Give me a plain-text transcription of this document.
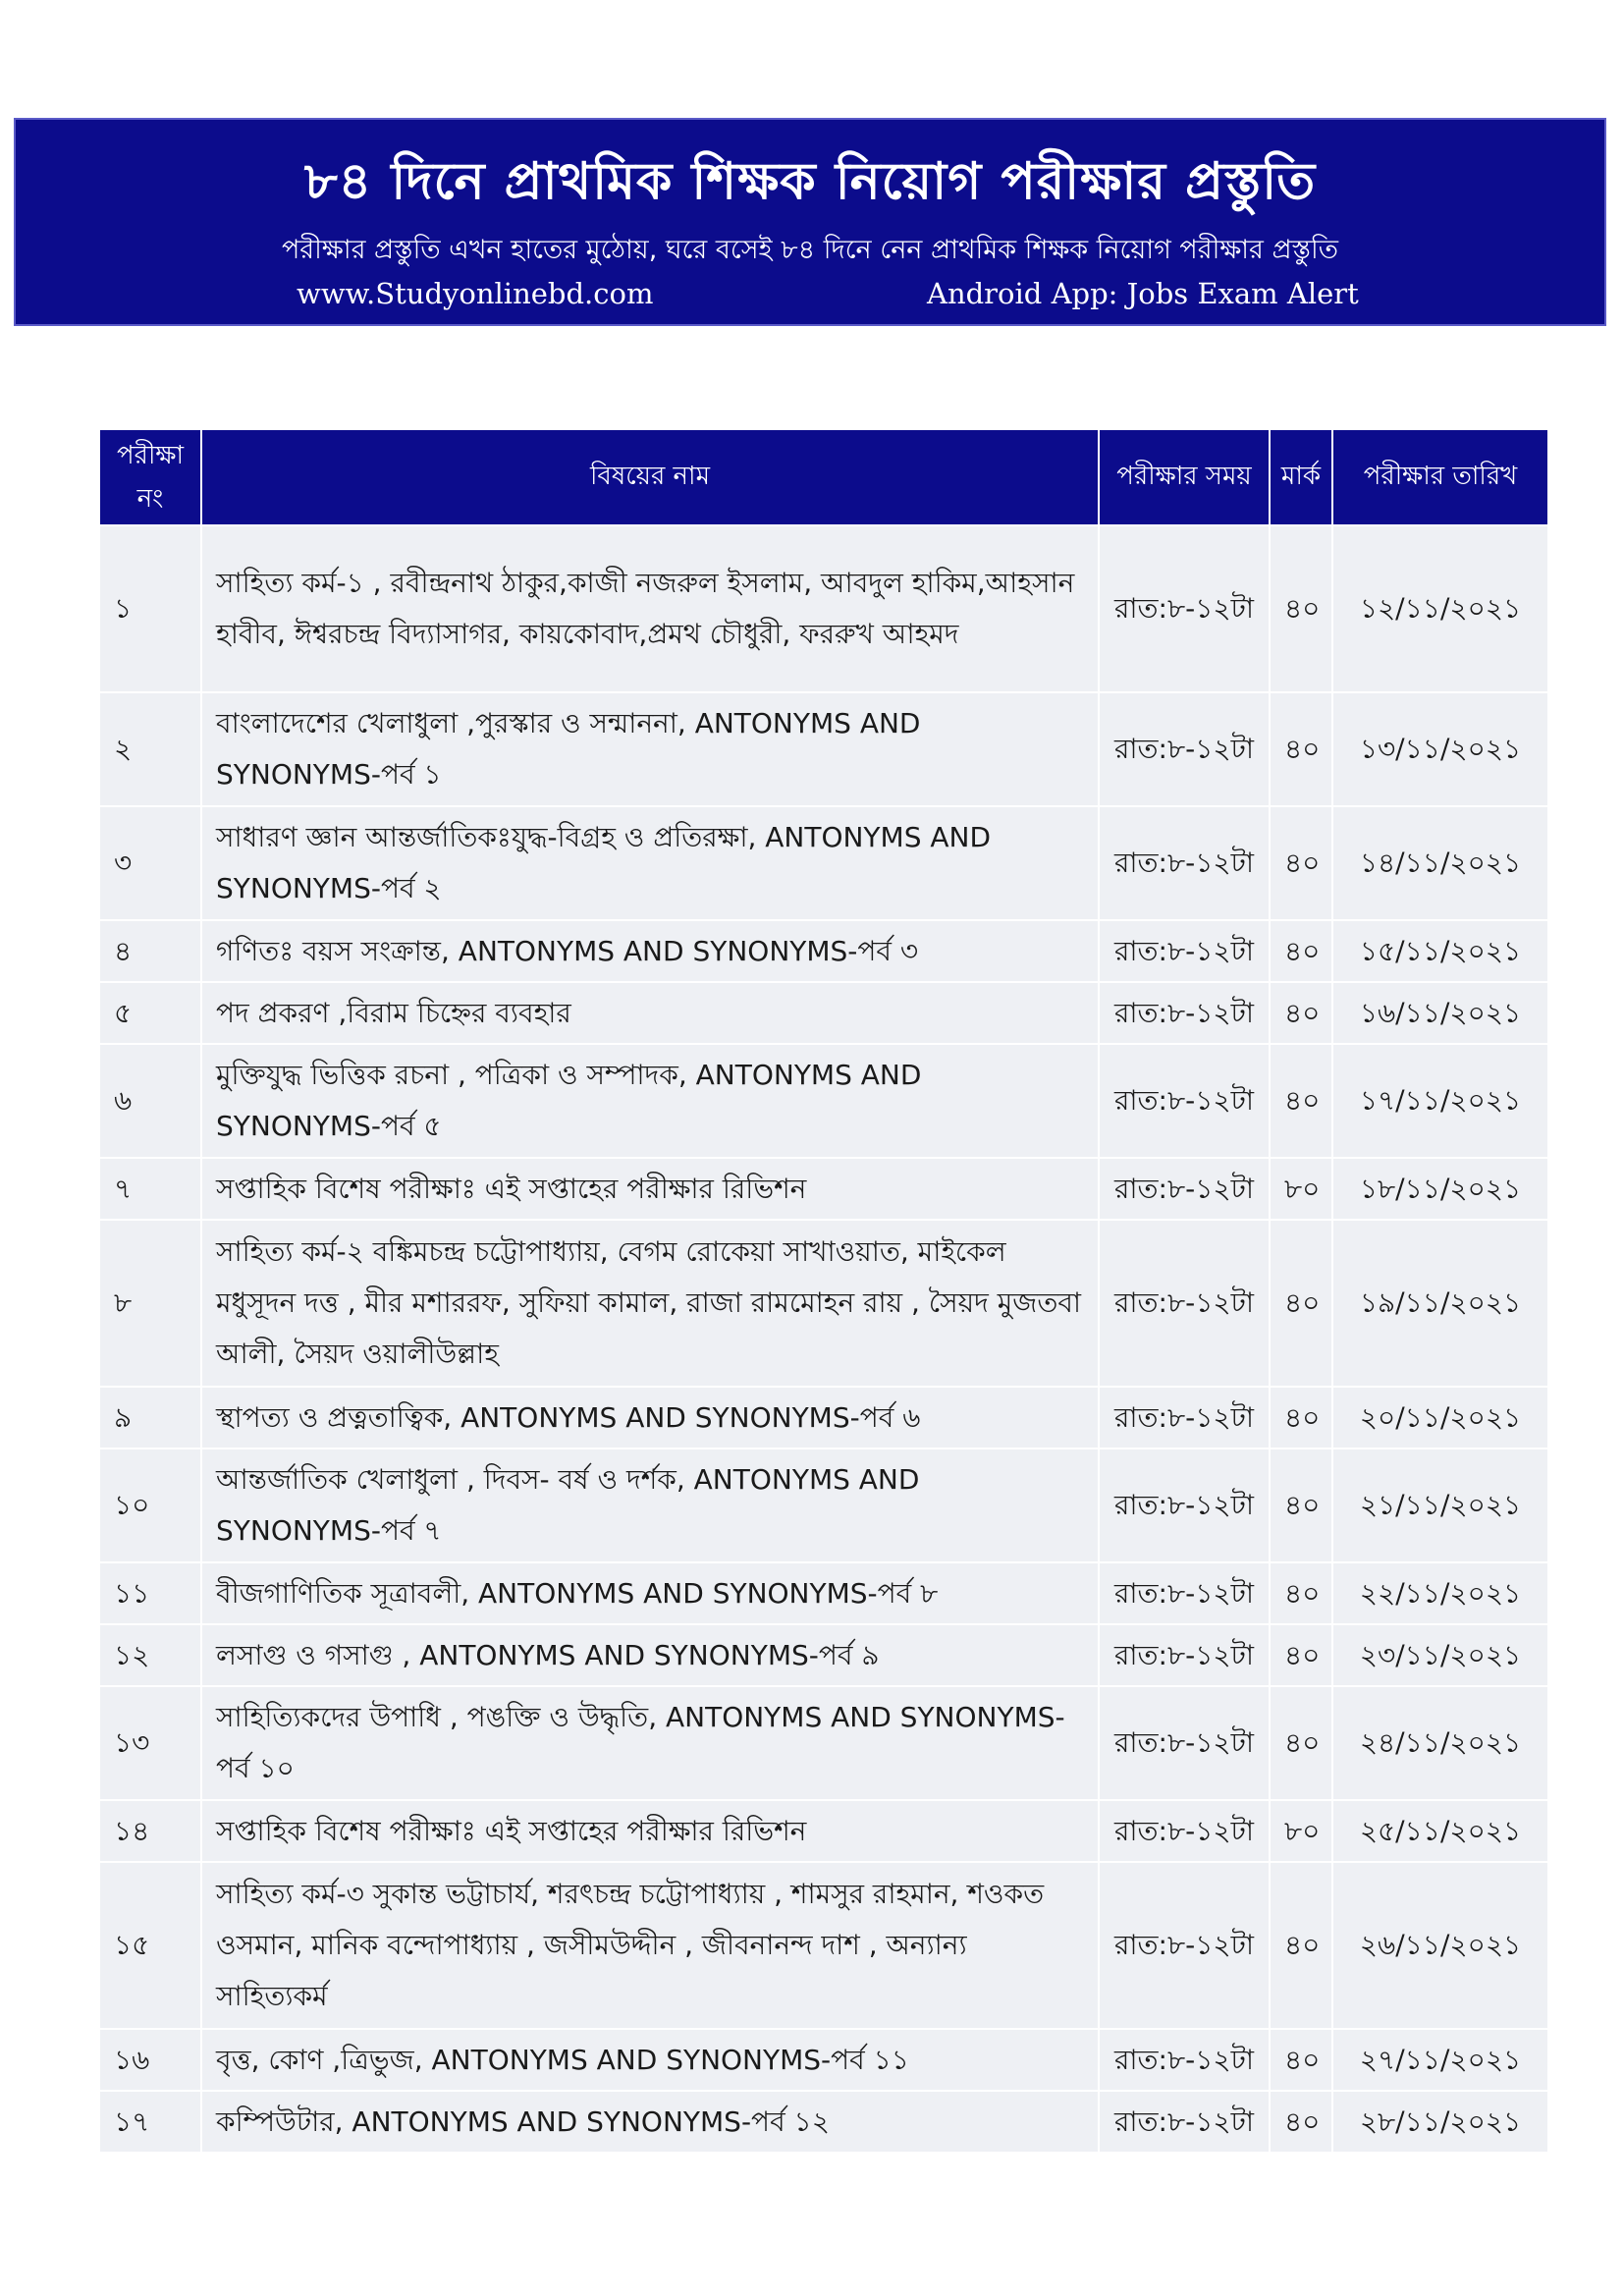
৮৪ দিনে প্রাথমিক শিক্ষক নিয়োগ পরীক্ষার প্রস্তুতি
পরীক্ষার প্রস্তুতি এখন হাতের মুঠোয়, ঘরে বসেই ৮৪ দিনে নেন প্রাথমিক শিক্ষক নিয়োগ পরীক্ষার প্রস্তুতি
www.Studyonlinebd.com	Android App: Jobs Exam Alert
পরীক্ষা নং	বিষয়ের নাম	পরীক্ষার সময়	মার্ক	পরীক্ষার তারিখ
১	সাহিত্য কর্ম-১ , রবীন্দ্রনাথ ঠাকুর,কাজী নজরুল ইসলাম, আবদুল হাকিম,আহসান হাবীব, ঈশ্বরচন্দ্র বিদ্যাসাগর, কায়কোবাদ,প্রমথ চৌধুরী, ফররুখ আহমদ	রাত:৮-১২টা	৪০	১২/১১/২০২১
২	বাংলাদেশের খেলাধুলা ,পুরস্কার ও সন্মাননা, ANTONYMS AND SYNONYMS-পর্ব ১	রাত:৮-১২টা	৪০	১৩/১১/২০২১
৩	সাধারণ জ্ঞান আন্তর্জাতিকঃযুদ্ধ-বিগ্রহ ও প্রতিরক্ষা, ANTONYMS AND SYNONYMS-পর্ব ২	রাত:৮-১২টা	৪০	১৪/১১/২০২১
৪	গণিতঃ বয়স সংক্রান্ত, ANTONYMS AND SYNONYMS-পর্ব ৩	রাত:৮-১২টা	৪০	১৫/১১/২০২১
৫	পদ প্রকরণ ,বিরাম চিহ্নের ব্যবহার	রাত:৮-১২টা	৪০	১৬/১১/২০২১
৬	মুক্তিযুদ্ধ ভিত্তিক রচনা , পত্রিকা ও সম্পাদক, ANTONYMS AND SYNONYMS-পর্ব ৫	রাত:৮-১২টা	৪০	১৭/১১/২০২১
৭	সপ্তাহিক বিশেষ পরীক্ষাঃ এই সপ্তাহের পরীক্ষার রিভিশন	রাত:৮-১২টা	৮০	১৮/১১/২০২১
৮	সাহিত্য কর্ম-২ বঙ্কিমচন্দ্র চট্টোপাধ্যায়, বেগম রোকেয়া সাখাওয়াত, মাইকেল মধুসূদন দত্ত , মীর মশাররফ, সুফিয়া কামাল, রাজা রামমোহন রায় , সৈয়দ মুজতবা আলী, সৈয়দ ওয়ালীউল্লাহ	রাত:৮-১২টা	৪০	১৯/১১/২০২১
৯	স্থাপত্য ও প্রত্নতাত্বিক, ANTONYMS AND SYNONYMS-পর্ব ৬	রাত:৮-১২টা	৪০	২০/১১/২০২১
১০	আন্তর্জাতিক খেলাধুলা , দিবস- বর্ষ ও দর্শক, ANTONYMS AND SYNONYMS-পর্ব ৭	রাত:৮-১২টা	৪০	২১/১১/২০২১
১১	বীজগাণিতিক সূত্রাবলী, ANTONYMS AND SYNONYMS-পর্ব ৮	রাত:৮-১২টা	৪০	২২/১১/২০২১
১২	লসাগু ও গসাগু , ANTONYMS AND SYNONYMS-পর্ব ৯	রাত:৮-১২টা	৪০	২৩/১১/২০২১
১৩	সাহিত্যিকদের উপাধি , পঙক্তি ও উদ্ধৃতি, ANTONYMS AND SYNONYMS-পর্ব ১০	রাত:৮-১২টা	৪০	২৪/১১/২০২১
১৪	সপ্তাহিক বিশেষ পরীক্ষাঃ এই সপ্তাহের পরীক্ষার রিভিশন	রাত:৮-১২টা	৮০	২৫/১১/২০২১
১৫	সাহিত্য কর্ম-৩ সুকান্ত ভট্টাচার্য, শরৎচন্দ্র চট্টোপাধ্যায় , শামসুর রাহমান, শওকত ওসমান, মানিক বন্দোপাধ্যায় , জসীমউদ্দীন , জীবনানন্দ দাশ , অন্যান্য সাহিত্যকর্ম	রাত:৮-১২টা	৪০	২৬/১১/২০২১
১৬	বৃত্ত, কোণ ,ত্রিভুজ, ANTONYMS AND SYNONYMS-পর্ব ১১	রাত:৮-১২টা	৪০	২৭/১১/২০২১
১৭	কম্পিউটার, ANTONYMS AND SYNONYMS-পর্ব ১২	রাত:৮-১২টা	৪০	২৮/১১/২০২১
